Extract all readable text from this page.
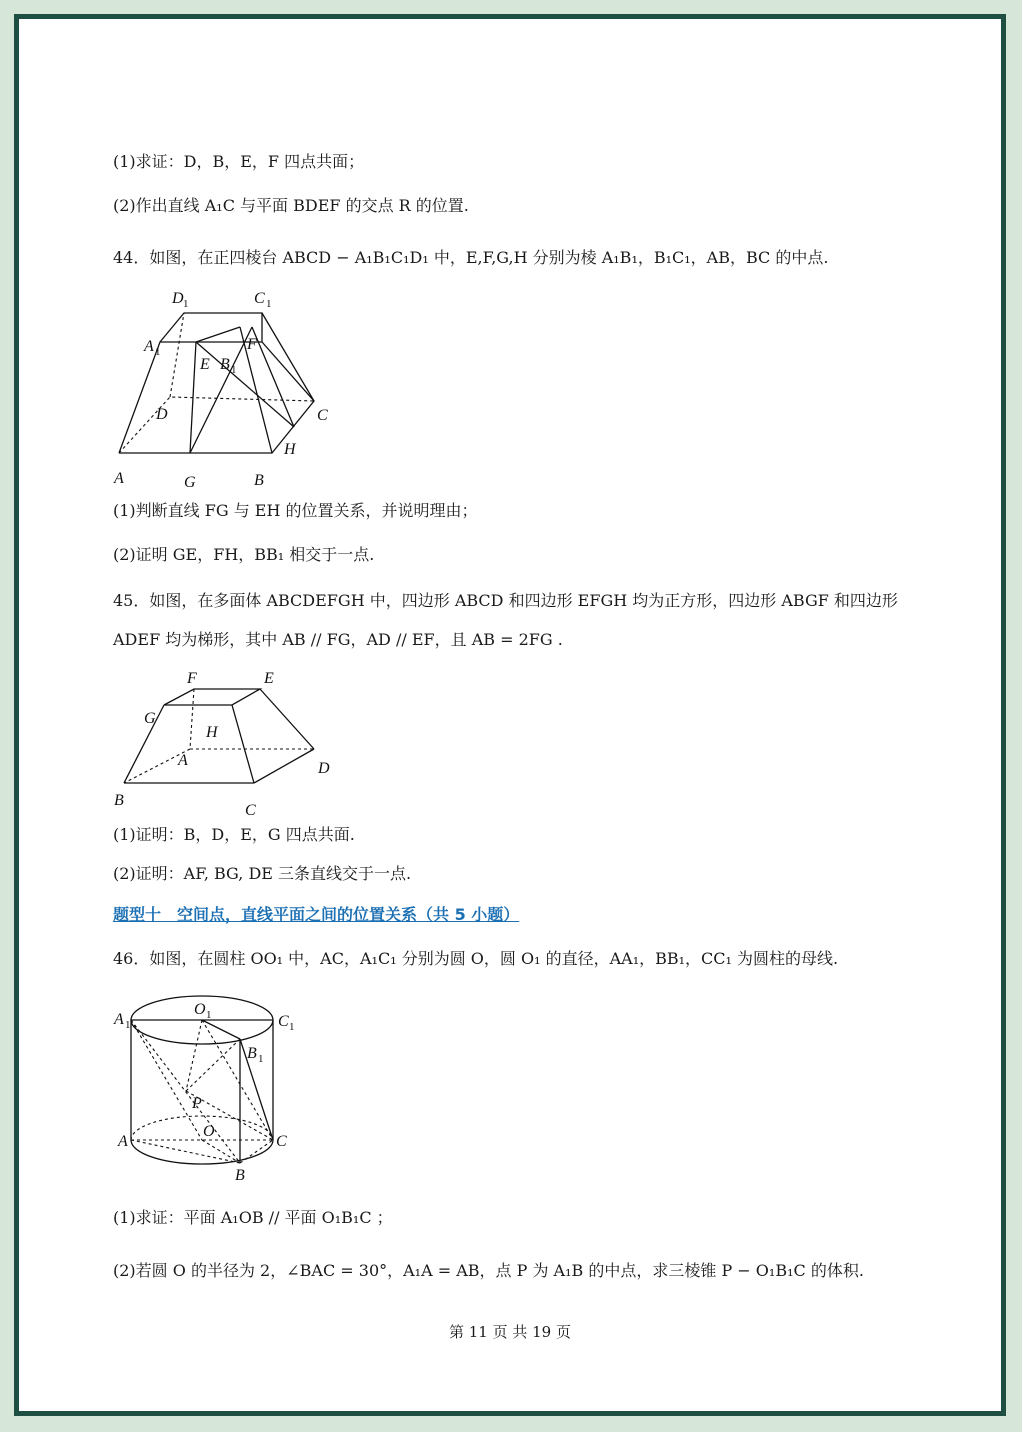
(1)求证：D，B，E，F 四点共面；
(2)作出直线 A₁C 与平面 BDEF 的交点 R 的位置.
44．如图，在正四棱台 ABCD − A₁B₁C₁D₁ 中，E,F,G,H 分别为棱 A₁B₁，B₁C₁，AB，BC 的中点.
D 1	C 1
A 1
E B 1
F
D	C
H
A	G	B
(1)判断直线 FG 与 EH 的位置关系，并说明理由；
(2)证明 GE，FH，BB₁ 相交于一点.
45．如图，在多面体 ABCDEFGH 中，四边形 ABCD 和四边形 EFGH 均为正方形，四边形 ABGF 和四边形
ADEF 均为梯形，其中 AB // FG，AD // EF，且 AB = 2FG .
F	E
G
H
A	D
B
C
(1)证明：B，D，E，G 四点共面.
(2)证明：AF, BG, DE 三条直线交于一点.
题型十　空间点，直线平面之间的位置关系（共 5 小题）
46．如图，在圆柱 OO₁ 中，AC，A₁C₁ 分别为圆 O，圆 O₁ 的直径，AA₁，BB₁，CC₁ 为圆柱的母线.
A 1
O 1	C 1
B 1
P
A
O
C
B
(1)求证：平面 A₁OB // 平面 O₁B₁C ；
(2)若圆 O 的半径为 2，∠BAC = 30°，A₁A = AB，点 P 为 A₁B 的中点，求三棱锥 P − O₁B₁C 的体积.
第 11 页 共 19 页
